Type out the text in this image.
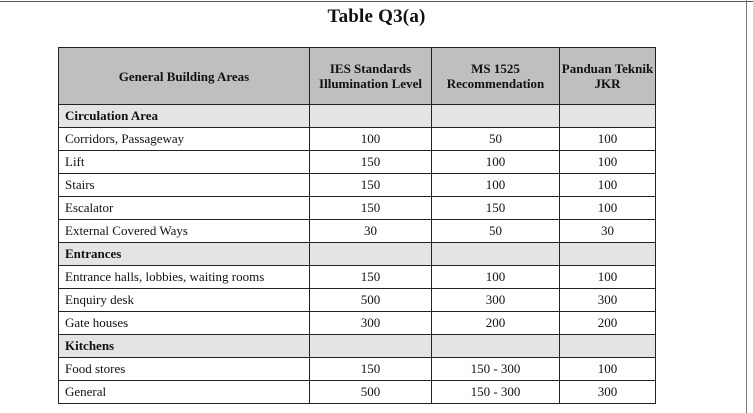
Table Q3(a)
General Building Areas	IES Standards Illumination Level	MS 1525 Recommendation	Panduan Teknik JKR
Circulation Area			
Corridors, Passageway	100	50	100
Lift	150	100	100
Stairs	150	100	100
Escalator	150	150	100
External Covered Ways	30	50	30
Entrances			
Entrance halls, lobbies, waiting rooms	150	100	100
Enquiry desk	500	300	300
Gate houses	300	200	200
Kitchens			
Food stores	150	150 - 300	100
General	500	150 - 300	300
